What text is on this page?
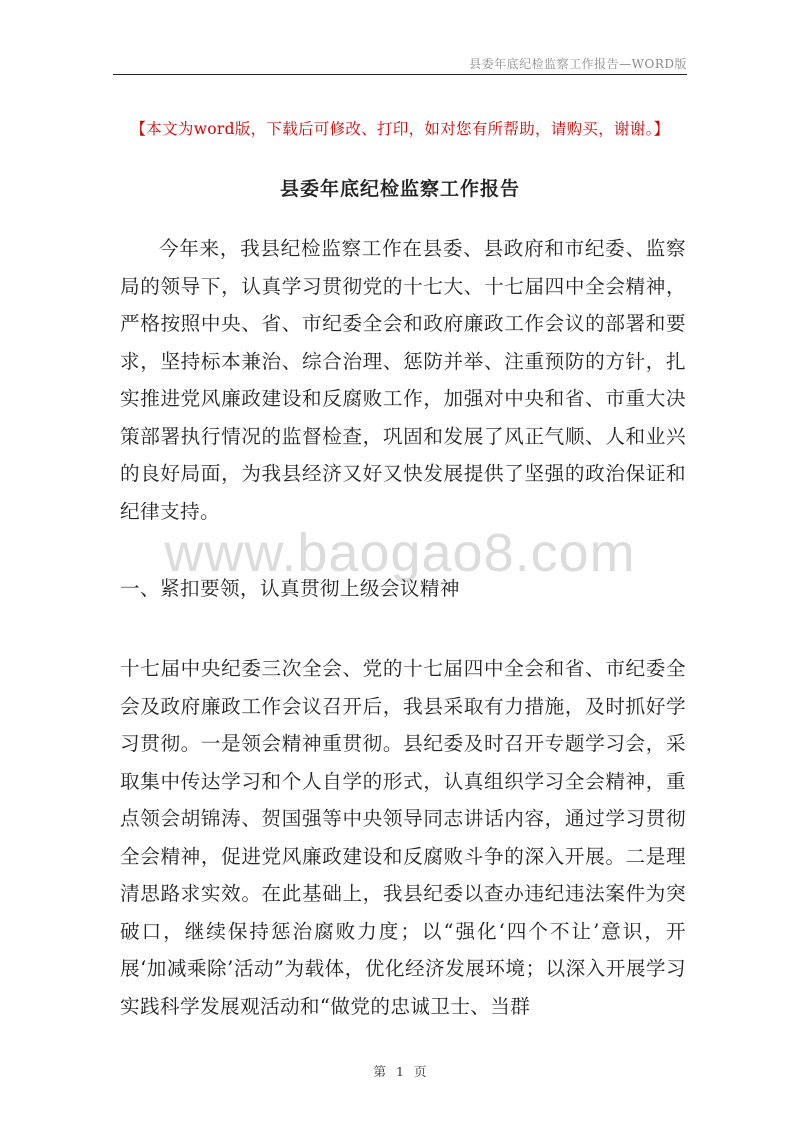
县委年底纪检监察工作报告—WORD版
【本文为word版，下载后可修改、打印，如对您有所帮助，请购买，谢谢。】
县委年底纪检监察工作报告

今年来，我县纪检监察工作在县委、县政府和市纪委、监察局的领导下，认真学习贯彻党的十七大、十七届四中全会精神，严格按照中央、省、市纪委全会和政府廉政工作会议的部署和要求，坚持标本兼治、综合治理、惩防并举、注重预防的方针，扎实推进党风廉政建设和反腐败工作，加强对中央和省、市重大决策部署执行情况的监督检查，巩固和发展了风正气顺、人和业兴的良好局面，为我县经济又好又快发展提供了坚强的政治保证和纪律支持。

www.baogao8.com

一、紧扣要领，认真贯彻上级会议精神

十七届中央纪委三次全会、党的十七届四中全会和省、市纪委全会及政府廉政工作会议召开后，我县采取有力措施，及时抓好学习贯彻。一是领会精神重贯彻。县纪委及时召开专题学习会，采取集中传达学习和个人自学的形式，认真组织学习全会精神，重点领会胡锦涛、贺国强等中央领导同志讲话内容，通过学习贯彻全会精神，促进党风廉政建设和反腐败斗争的深入开展。二是理清思路求实效。在此基础上，我县纪委以查办违纪违法案件为突破口，继续保持惩治腐败力度；以“强化‘四个不让’意识，开展‘加减乘除’活动”为载体，优化经济发展环境；以深入开展学习实践科学发展观活动和“做党的忠诚卫士、当群

第 1 页
